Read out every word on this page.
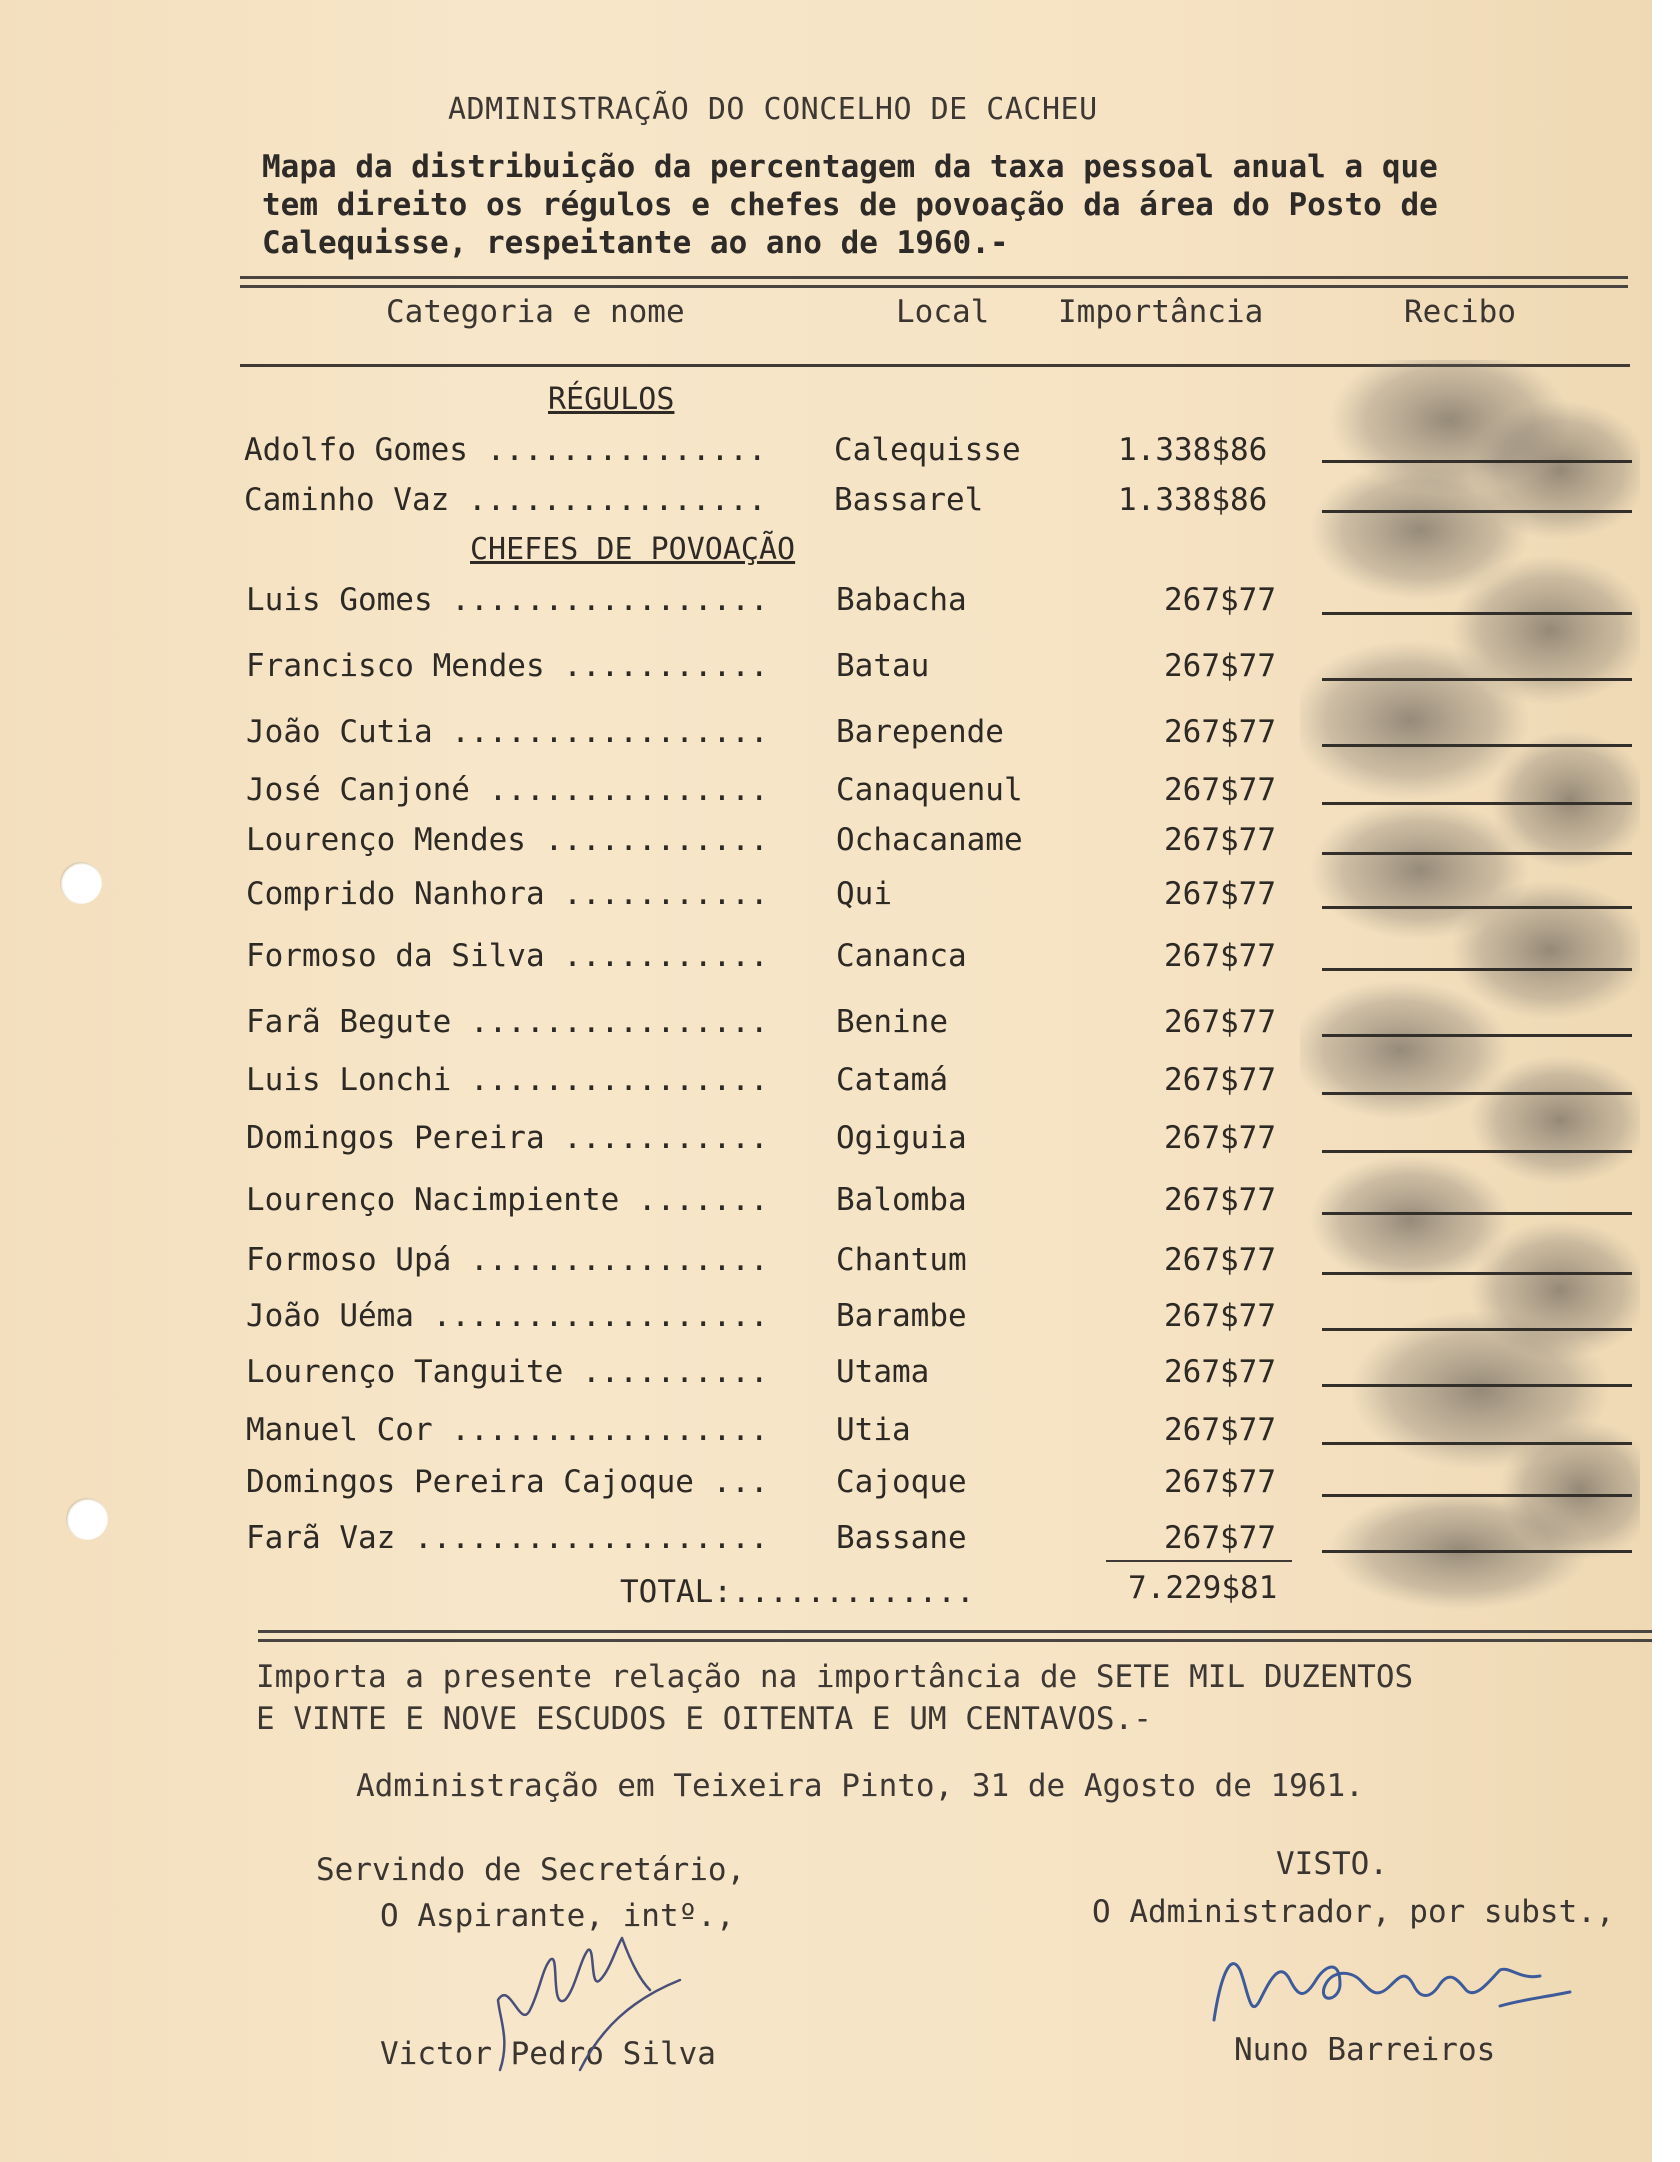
ADMINISTRAÇÃO DO CONCELHO DE CACHEU
Mapa da distribuição da percentagem da taxa pessoal anual a que
tem direito os régulos e chefes de povoação da área do Posto de
Calequisse, respeitante ao ano de 1960.-
Categoria e nome	Local Importância	Recibo
RÉGULOS
Adolfo Gomes ............... Calequisse	1.338$86
Caminho Vaz ................ Bassarel	1.338$86
CHEFES DE POVOAÇÃO
Luis Gomes ................. Babacha	267$77
Francisco Mendes ........... Batau	267$77
João Cutia ................. Barepende	267$77
José Canjoné ............... Canaquenul	267$77
Lourenço Mendes ............ Ochacaname	267$77
Comprido Nanhora ........... Qui	267$77
Formoso da Silva ........... Cananca	267$77
Farã Begute ................ Benine	267$77
Luis Lonchi ................ Catamá	267$77
Domingos Pereira ........... Ogiguia	267$77
Lourenço Nacimpiente ....... Balomba	267$77
Formoso Upá ................ Chantum	267$77
João Uéma .................. Barambe	267$77
Lourenço Tanguite .......... Utama	267$77
Manuel Cor ................. Utia	267$77
Domingos Pereira Cajoque ... Cajoque	267$77
Farã Vaz ................... Bassane	267$77
TOTAL:.............	7.229$81
Importa a presente relação na importância de SETE MIL DUZENTOS
E VINTE E NOVE ESCUDOS E OITENTA E UM CENTAVOS.-
Administração em Teixeira Pinto, 31 de Agosto de 1961.
Servindo de Secretário,
O Aspirante, intº.,
Victor Pedro Silva
VISTO.
O Administrador, por subst.,
Nuno Barreiros
